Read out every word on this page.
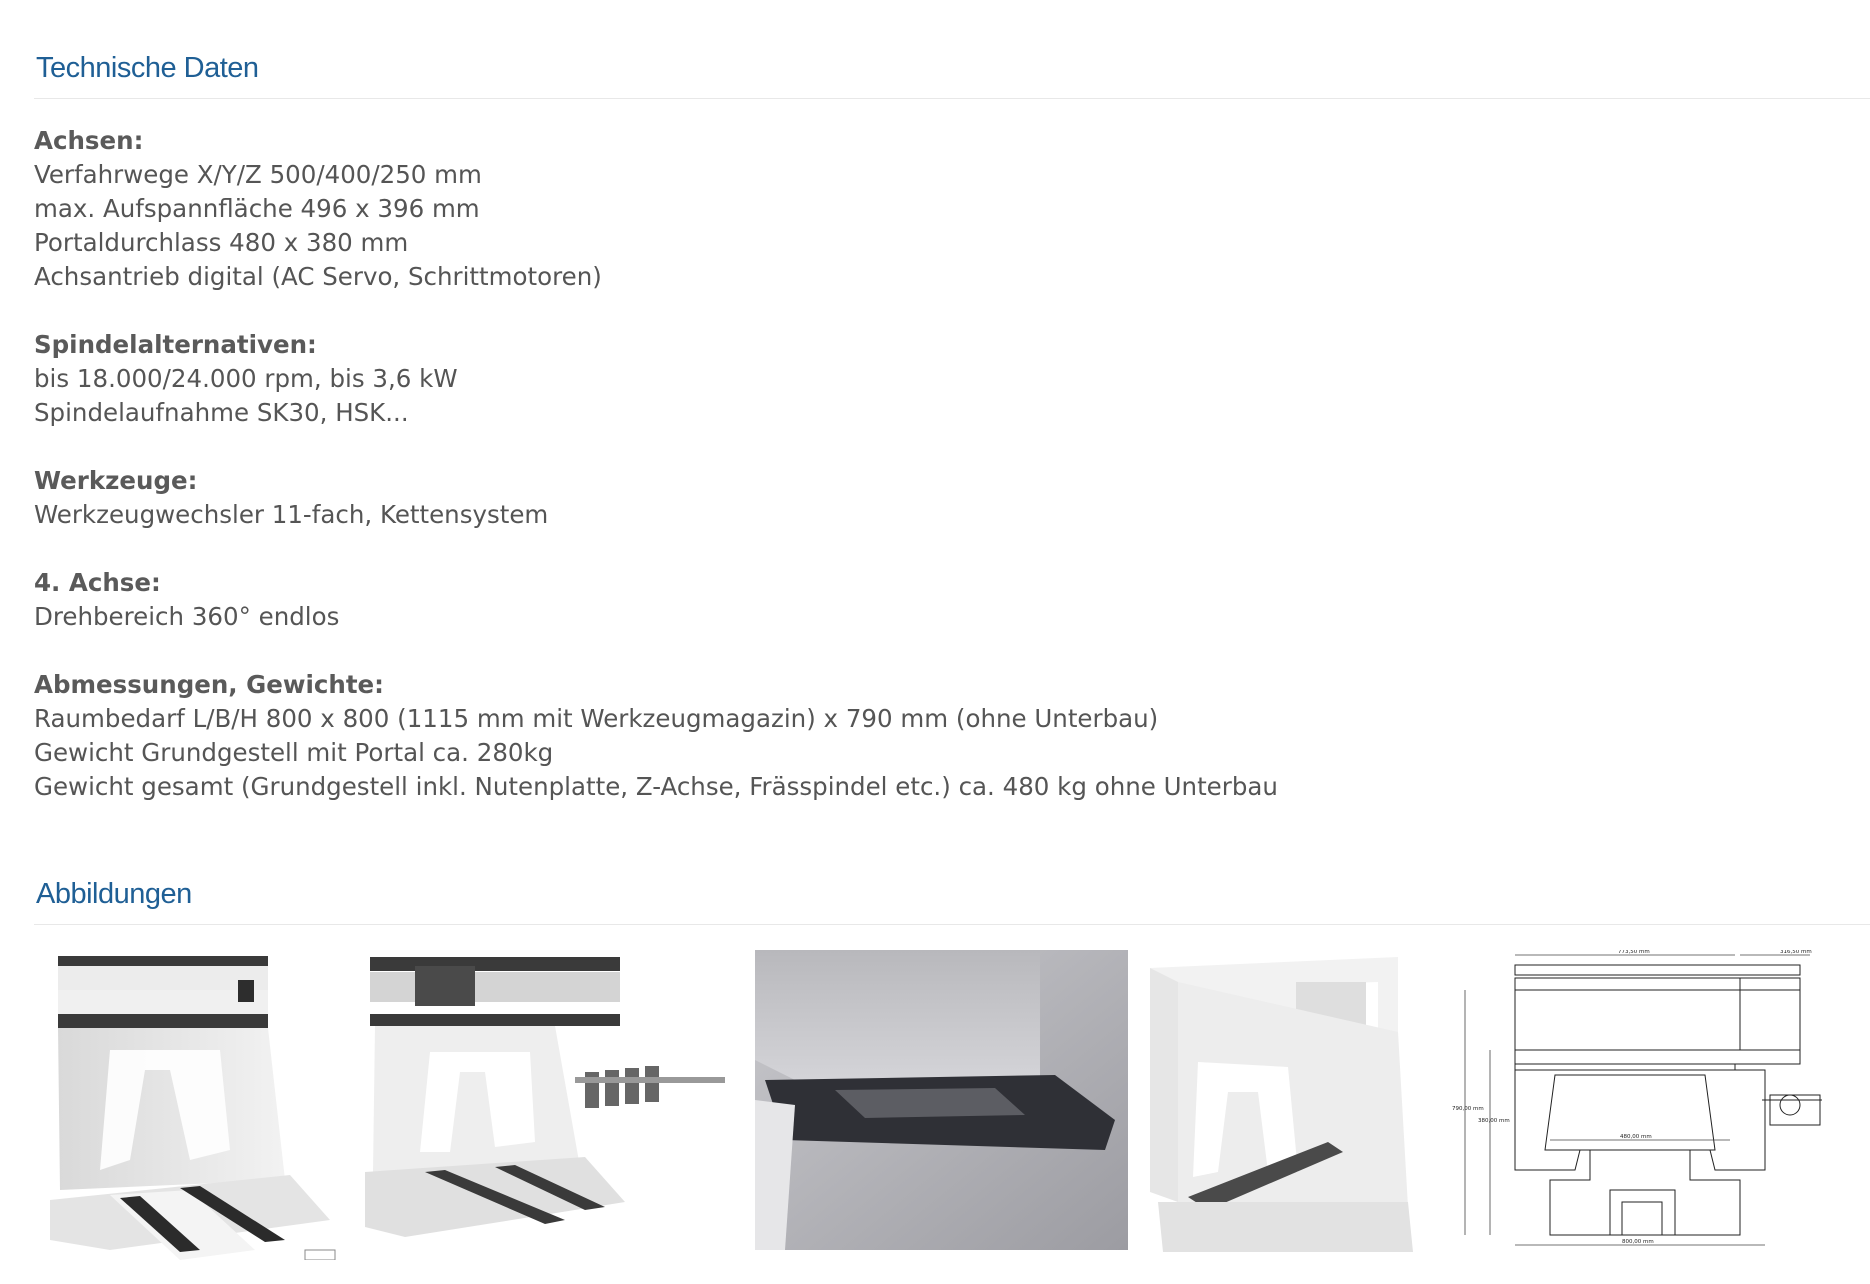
Technische Daten
Achsen:
Verfahrwege X/Y/Z 500/400/250 mm
max. Aufspannfläche 496 x 396 mm
Portaldurchlass 480 x 380 mm
Achsantrieb digital (AC Servo, Schrittmotoren)
Spindelalternativen:
bis 18.000/24.000 rpm, bis 3,6 kW
Spindelaufnahme SK30, HSK...
Werkzeuge:
Werkzeugwechsler 11-fach, Kettensystem
4. Achse:
Drehbereich 360° endlos
Abmessungen, Gewichte:
Raumbedarf L/B/H 800 x 800 (1115 mm mit Werkzeugmagazin) x 790 mm (ohne Unterbau)
Gewicht Grundgestell mit Portal ca. 280kg
Gewicht gesamt (Grundgestell inkl. Nutenplatte, Z-Achse, Frässpindel etc.) ca. 480 kg ohne Unterbau
Abbildungen
773,50 mm	316,50 mm
790,00 mm
380,00 mm
480,00 mm
800,00 mm
